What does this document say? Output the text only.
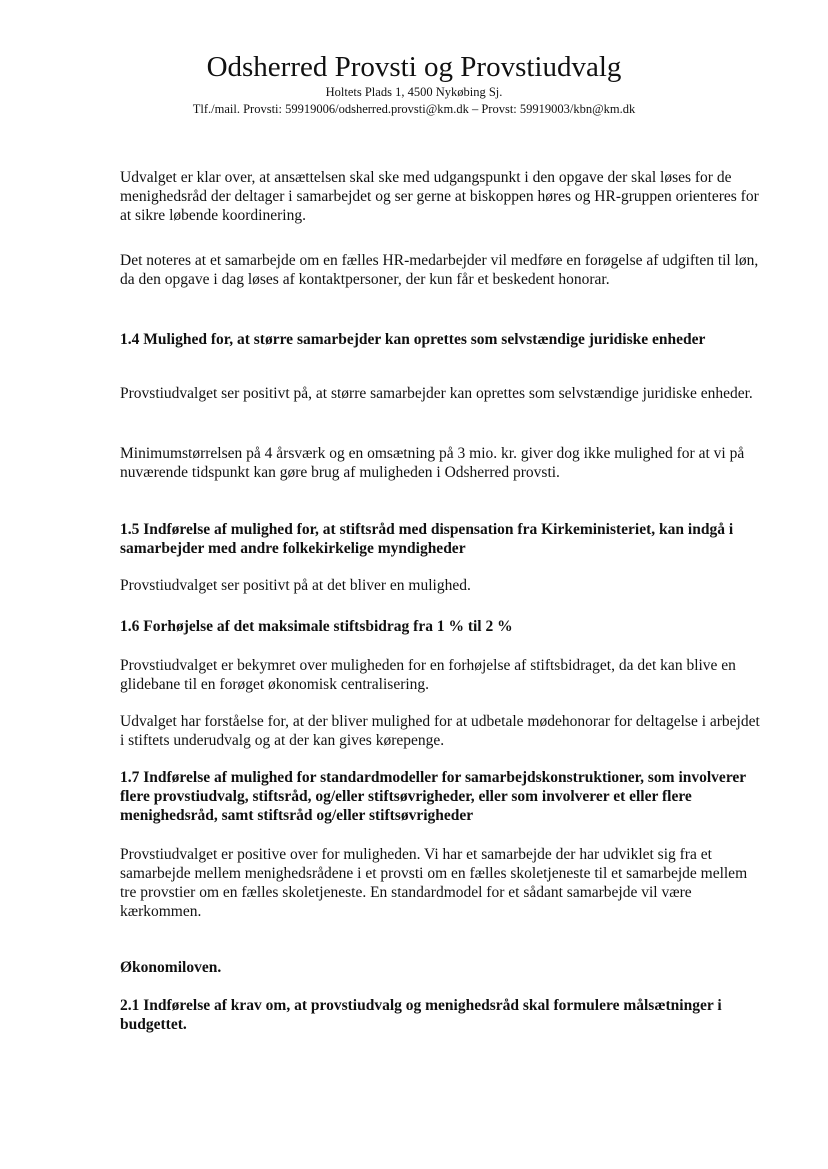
Odsherred Provsti og Provstiudvalg
Holtets Plads 1, 4500 Nykøbing Sj.
Tlf./mail. Provsti: 59919006/odsherred.provsti@km.dk – Provst: 59919003/kbn@km.dk

Udvalget er klar over, at ansættelsen skal ske med udgangspunkt i den opgave der skal løses for de menighedsråd der deltager i samarbejdet og ser gerne at biskoppen høres og HR-gruppen orienteres for at sikre løbende koordinering.

Det noteres at et samarbejde om en fælles HR-medarbejder vil medføre en forøgelse af udgiften til løn, da den opgave i dag løses af kontaktpersoner, der kun får et beskedent honorar.

1.4 Mulighed for, at større samarbejder kan oprettes som selvstændige juridiske enheder

Provstiudvalget ser positivt på, at større samarbejder kan oprettes som selvstændige juridiske enheder.

Minimumstørrelsen på 4 årsværk og en omsætning på 3 mio. kr. giver dog ikke mulighed for at vi på nuværende tidspunkt kan gøre brug af muligheden i Odsherred provsti.

1.5 Indførelse af mulighed for, at stiftsråd med dispensation fra Kirkeministeriet, kan indgå i samarbejder med andre folkekirkelige myndigheder

Provstiudvalget ser positivt på at det bliver en mulighed.

1.6 Forhøjelse af det maksimale stiftsbidrag fra 1 % til 2 %

Provstiudvalget er bekymret over muligheden for en forhøjelse af stiftsbidraget, da det kan blive en glidebane til en forøget økonomisk centralisering.

Udvalget har forståelse for, at der bliver mulighed for at udbetale mødehonorar for deltagelse i arbejdet i stiftets underudvalg og at der kan gives kørepenge.

1.7 Indførelse af mulighed for standardmodeller for samarbejdskonstruktioner, som involverer flere provstiudvalg, stiftsråd, og/eller stiftsøvrigheder, eller som involverer et eller flere menighedsråd, samt stiftsråd og/eller stiftsøvrigheder

Provstiudvalget er positive over for muligheden. Vi har et samarbejde der har udviklet sig fra et samarbejde mellem menighedsrådene i et provsti om en fælles skoletjeneste til et samarbejde mellem tre provstier om en fælles skoletjeneste. En standardmodel for et sådant samarbejde vil være kærkommen.

Økonomiloven.

2.1 Indførelse af krav om, at provstiudvalg og menighedsråd skal formulere målsætninger i budgettet.
